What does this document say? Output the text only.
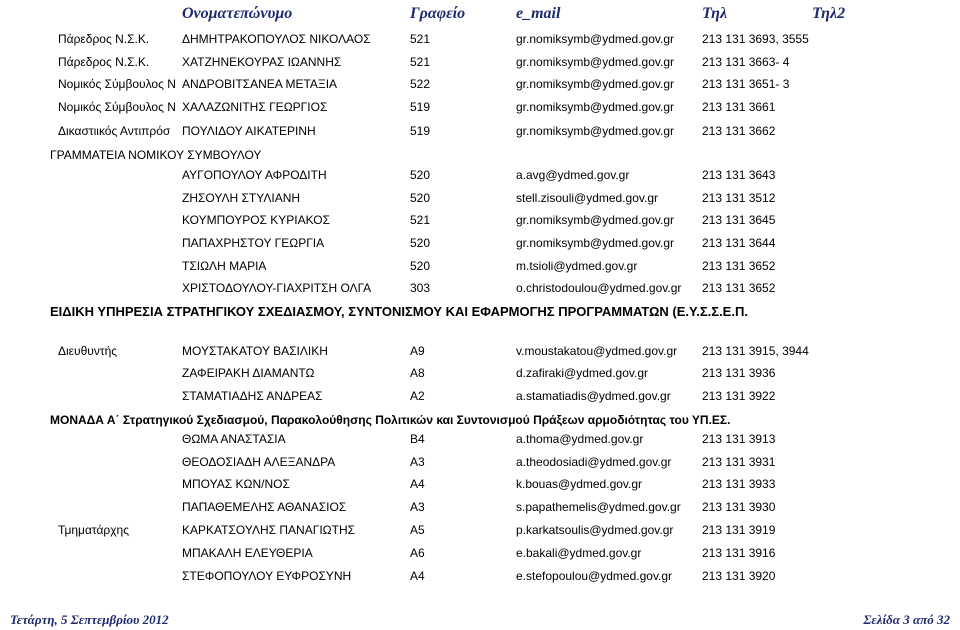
Ονοματεπώνυμο	Γραφείο	e_mail	Τηλ	Τηλ2
Πάρεδρος Ν.Σ.Κ.	ΔΗΜΗΤΡΑΚΟΠΟΥΛΟΣ ΝΙΚΟΛΑΟΣ	521	gr.nomiksymb@ydmed.gov.gr 213 131 3693, 3555
Πάρεδρος Ν.Σ.Κ.	ΧΑΤΖΗΝΕΚΟΥΡΑΣ ΙΩΑΝΝΗΣ	521	gr.nomiksymb@ydmed.gov.gr 213 131 3663- 4
Νομικός Σύμβουλος Ν ΑΝΔΡΟΒΙΤΣΑΝΕΑ ΜΕΤΑΞΙΑ	522	gr.nomiksymb@ydmed.gov.gr 213 131 3651- 3
Νομικός Σύμβουλος Ν ΧΑΛΑΖΩΝΙΤΗΣ ΓΕΩΡΓΙΟΣ	519	gr.nomiksymb@ydmed.gov.gr 213 131 3661
Δικαστιικός Αντιπρόσ ΠΟΥΛΙΔΟΥ ΑΙΚΑΤΕΡΙΝΗ	519	gr.nomiksymb@ydmed.gov.gr 213 131 3662
ΓΡΑΜΜΑΤΕΙΑ ΝΟΜΙΚΟΥ ΣΥΜΒΟΥΛΟΥ
ΑΥΓΟΠΟΥΛΟΥ ΑΦΡΟΔΙΤΗ	520	a.avg@ydmed.gov.gr	213 131 3643
ΖΗΣΟΥΛΗ ΣΤΥΛΙΑΝΗ	520	stell.zisouli@ydmed.gov.gr	213 131 3512
ΚΟΥΜΠΟΥΡΟΣ ΚΥΡΙΑΚΟΣ	521	gr.nomiksymb@ydmed.gov.gr 213 131 3645
ΠΑΠΑΧΡΗΣΤΟΥ ΓΕΩΡΓΙΑ	520	gr.nomiksymb@ydmed.gov.gr 213 131 3644
ΤΣΙΩΛΗ ΜΑΡΙΑ	520	m.tsioli@ydmed.gov.gr	213 131 3652
ΧΡΙΣΤΟΔΟΥΛΟΥ-ΓΙΑΧΡΙΤΣΗ ΟΛΓΑ	303	o.christodoulou@ydmed.gov.gr 213 131 3652
ΕΙΔΙΚΗ ΥΠΗΡΕΣΙΑ ΣΤΡΑΤΗΓΙΚΟΥ ΣΧΕΔΙΑΣΜΟΥ, ΣΥΝΤΟΝΙΣΜΟΥ ΚΑΙ ΕΦΑΡΜΟΓΗΣ ΠΡΟΓΡΑΜΜΑΤΩΝ (Ε.Υ.Σ.Σ.Ε.Π.
Διευθυντής	ΜΟΥΣΤΑΚΑΤΟΥ ΒΑΣΙΛΙΚΗ	Α9	v.moustakatou@ydmed.gov.gr 213 131 3915, 3944
ΖΑΦΕΙΡΑΚΗ ΔΙΑΜΑΝΤΩ	Α8	d.zafiraki@ydmed.gov.gr	213 131 3936
ΣΤΑΜΑΤΙΑΔΗΣ ΑΝΔΡΕΑΣ	Α2	a.stamatiadis@ydmed.gov.gr	213 131 3922
ΜΟΝΑΔΑ Α΄ Στρατηγικού Σχεδιασμού, Παρακολούθησης Πολιτικών και Συντονισμού Πράξεων αρμοδιότητας του ΥΠ.ΕΣ.
ΘΩΜΑ ΑΝΑΣΤΑΣΙΑ	Β4	a.thoma@ydmed.gov.gr	213 131 3913
ΘΕΟΔΟΣΙΑΔΗ ΑΛΕΞΑΝΔΡΑ	Α3	a.theodosiadi@ydmed.gov.gr	213 131 3931
ΜΠΟΥΑΣ ΚΩΝ/ΝΟΣ	Α4	k.bouas@ydmed.gov.gr	213 131 3933
ΠΑΠΑΘΕΜΕΛΗΣ ΑΘΑΝΑΣΙΟΣ	Α3	s.papathemelis@ydmed.gov.gr 213 131 3930
Τμηματάρχης	ΚΑΡΚΑΤΣΟΥΛΗΣ ΠΑΝΑΓΙΩΤΗΣ	Α5	p.karkatsoulis@ydmed.gov.gr 213 131 3919
ΜΠΑΚΑΛΗ ΕΛΕΥΘΕΡΙΑ	Α6	e.bakali@ydmed.gov.gr	213 131 3916
ΣΤΕΦΟΠΟΥΛΟΥ ΕΥΦΡΟΣΥΝΗ	Α4	e.stefopoulou@ydmed.gov.gr 213 131 3920
Τετάρτη, 5 Σεπτεμβρίου 2012	Σελίδα 3 από 32
